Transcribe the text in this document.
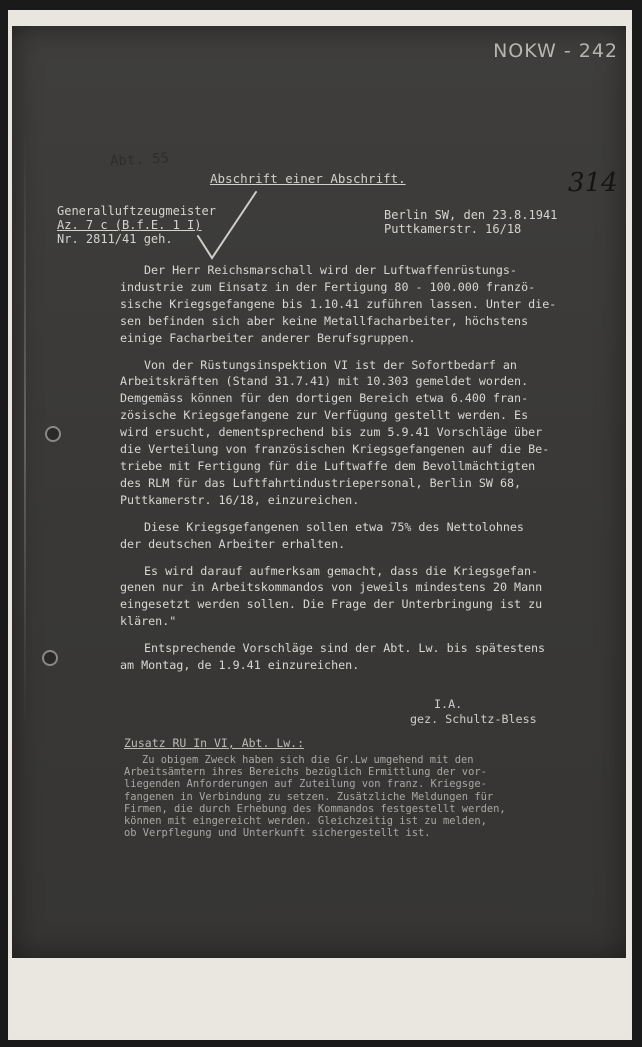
NOKW - 242
314
Abt. 55
Abschrift einer Abschrift.
Generalluftzeugmeister
Az. 7 c (B.f.E. 1 I)
Nr. 2811/41 geh.
Berlin SW, den 23.8.1941
Puttkamerstr. 16/18
Der Herr Reichsmarschall wird der Luftwaffenrüstungs-
industrie zum Einsatz in der Fertigung 80 - 100.000 franzö-
sische Kriegsgefangene bis 1.10.41 zuführen lassen. Unter die-
sen befinden sich aber keine Metallfacharbeiter, höchstens
einige Facharbeiter anderer Berufsgruppen.
Von der Rüstungsinspektion VI ist der Sofortbedarf an
Arbeitskräften (Stand 31.7.41) mit 10.303 gemeldet worden.
Demgemäss können für den dortigen Bereich etwa 6.400 fran-
zösische Kriegsgefangene zur Verfügung gestellt werden. Es
wird ersucht, dementsprechend bis zum 5.9.41 Vorschläge über
die Verteilung von französischen Kriegsgefangenen auf die Be-
triebe mit Fertigung für die Luftwaffe dem Bevollmächtigten
des RLM für das Luftfahrtindustriepersonal, Berlin SW 68,
Puttkamerstr. 16/18, einzureichen.
Diese Kriegsgefangenen sollen etwa 75% des Nettolohnes
der deutschen Arbeiter erhalten.
Es wird darauf aufmerksam gemacht, dass die Kriegsgefan-
genen nur in Arbeitskommandos von jeweils mindestens 20 Mann
eingesetzt werden sollen. Die Frage der Unterbringung ist zu
klären."
Entsprechende Vorschläge sind der Abt. Lw. bis spätestens
am Montag, de 1.9.41 einzureichen.
I.A.
gez. Schultz-Bless
Zusatz RU In VI, Abt. Lw.:
Zu obigem Zweck haben sich die Gr.Lw umgehend mit den
Arbeitsämtern ihres Bereichs bezüglich Ermittlung der vor-
liegenden Anforderungen auf Zuteilung von franz. Kriegsge-
fangenen in Verbindung zu setzen. Zusätzliche Meldungen für
Firmen, die durch Erhebung des Kommandos festgestellt werden,
können mit eingereicht werden. Gleichzeitig ist zu melden,
ob Verpflegung und Unterkunft sichergestellt ist.
